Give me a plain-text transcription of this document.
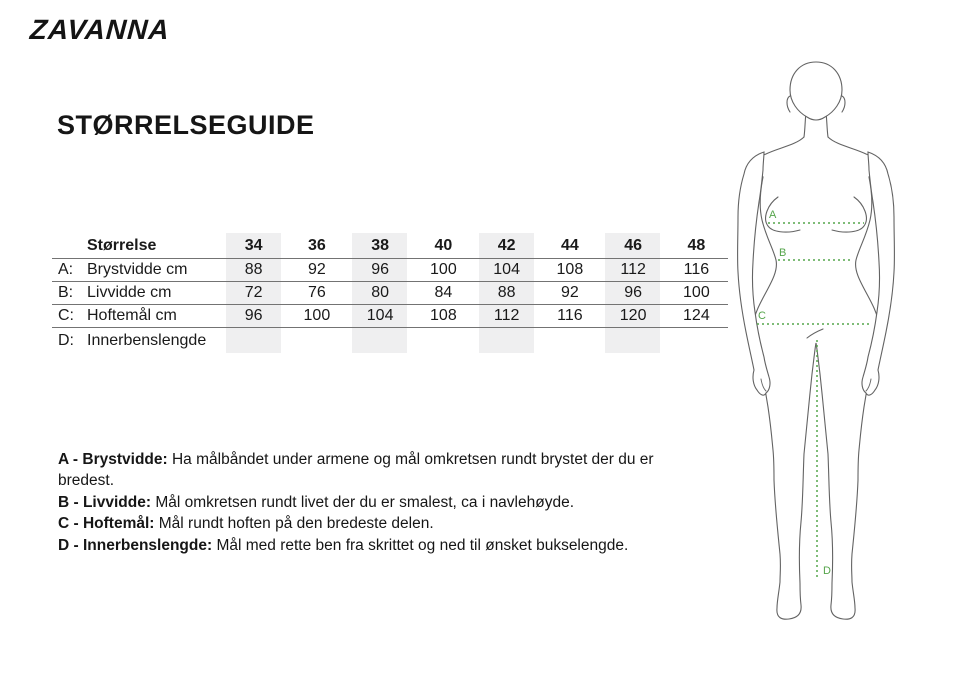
ZAVANNA
STØRRELSEGUIDE
Størrelse	34	36	38	40	42	44	46	48
A: Brystvidde cm	88	92	96	100	104	108	112	116
B: Livvidde cm	72	76	80	84	88	92	96	100
C: Hoftemål cm	96	100	104	108	112	116	120	124
D: Innerbenslengde

A - Brystvidde: Ha målbåndet under armene og mål omkretsen rundt brystet der du er bredest.

B - Livvidde: Mål omkretsen rundt livet der du er smalest, ca i navlehøyde.

C - Hoftemål: Mål rundt hoften på den bredeste delen.

D - Innerbenslengde: Mål med rette ben fra skrittet og ned til ønsket bukselengde.

A
B
C
D
